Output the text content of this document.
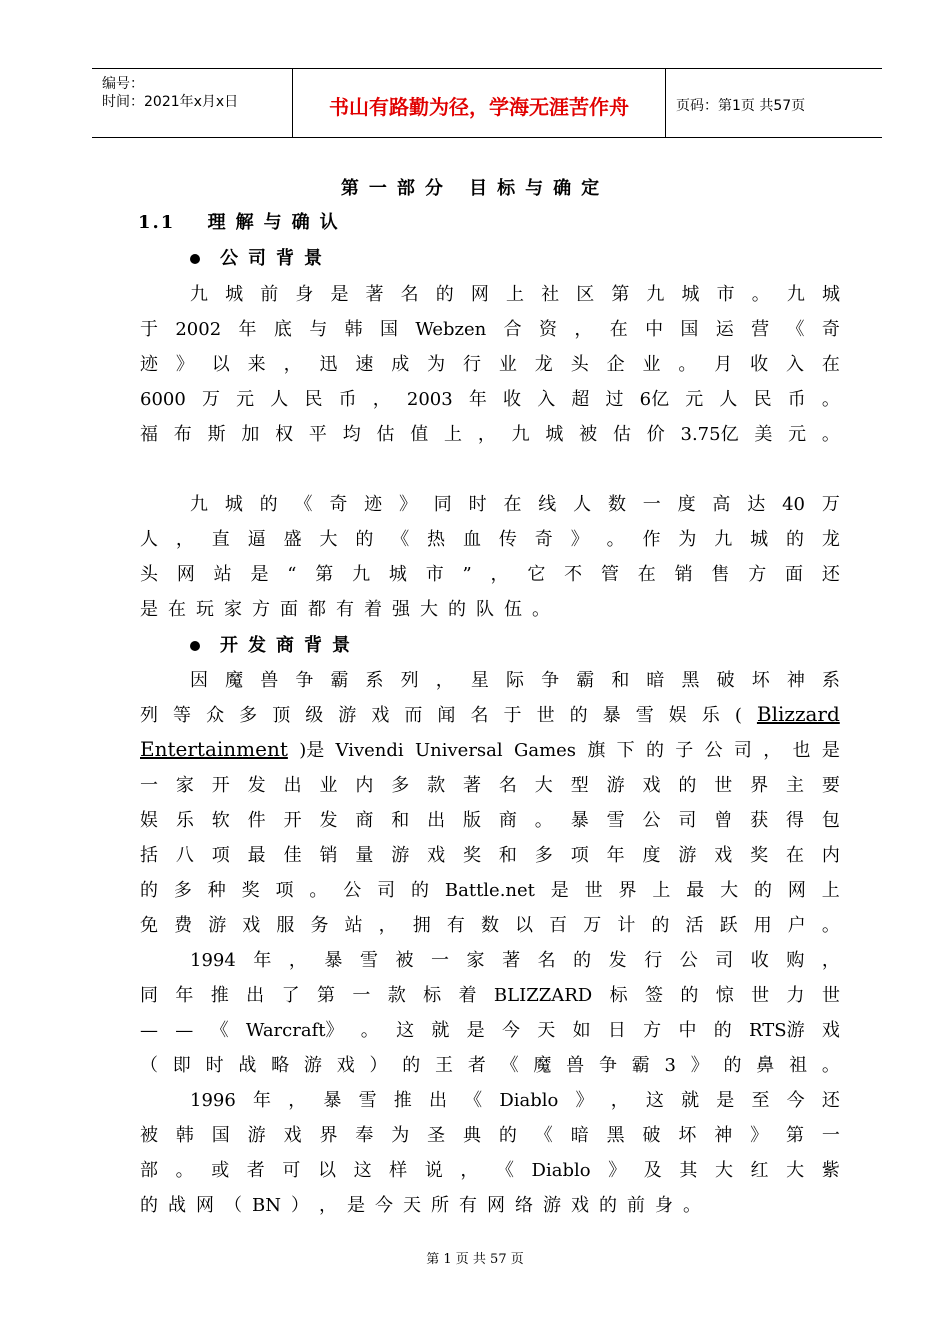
编号：
时间：2021年x月x日	书山有路勤为径，学海无涯苦作舟	页码：第1页 共57页
第一部分 目标与确定
1.1 理解与确认
公司背景
九 城 前 身 是 著 名 的 网 上 社 区 第 九 城 市 。 九 城
于 2002 年 底 与 韩 国 Webzen 合 资 ， 在 中 国 运 营 《 奇
迹 》 以 来 ， 迅 速 成 为 行 业 龙 头 企 业 。 月 收 入 在
6000 万 元 人 民 币 ， 2003 年 收 入 超 过 6亿 元 人 民 币 。
福 布 斯 加 权 平 均 估 值 上 ， 九 城 被 估 价 3.75亿 美 元 。
九 城 的 《 奇 迹 》 同 时 在 线 人 数 一 度 高 达 40 万
人 ， 直 逼 盛 大 的 《 热 血 传 奇 》 。 作 为 九 城 的 龙
头 网 站 是 “ 第 九 城 市 ” ， 它 不 管 在 销 售 方 面 还
是 在 玩 家 方 面 都 有 着 强 大 的 队 伍 。
开发商背景
因 魔 兽 争 霸 系 列 ， 星 际 争 霸 和 暗 黑 破 坏 神 系
列 等 众 多 顶 级 游 戏 而 闻 名 于 世 的 暴 雪 娱 乐 ( Blizzard
Entertainment )是 Vivendi Universal Games 旗 下 的 子 公 司 ， 也 是
一 家 开 发 出 业 内 多 款 著 名 大 型 游 戏 的 世 界 主 要
娱 乐 软 件 开 发 商 和 出 版 商 。 暴 雪 公 司 曾 获 得 包
括 八 项 最 佳 销 量 游 戏 奖 和 多 项 年 度 游 戏 奖 在 内
的 多 种 奖 项 。 公 司 的 Battle.net 是 世 界 上 最 大 的 网 上
免 费 游 戏 服 务 站 ， 拥 有 数 以 百 万 计 的 活 跃 用 户 。
1994 年 ， 暴 雪 被 一 家 著 名 的 发 行 公 司 收 购 ，
同 年 推 出 了 第 一 款 标 着 BLIZZARD 标 签 的 惊 世 力 世
— — 《 Warcraft》 。 这 就 是 今 天 如 日 方 中 的 RTS游 戏
（ 即 时 战 略 游 戏 ） 的 王 者 《 魔 兽 争 霸 3 》 的 鼻 祖 。
1996 年 ， 暴 雪 推 出 《 Diablo 》 ， 这 就 是 至 今 还
被 韩 国 游 戏 界 奉 为 圣 典 的 《 暗 黑 破 坏 神 》 第 一
部 。 或 者 可 以 这 样 说 ， 《 Diablo 》 及 其 大 红 大 紫
的 战 网 （ BN ） ， 是 今 天 所 有 网 络 游 戏 的 前 身 。
第 1 页 共 57 页
